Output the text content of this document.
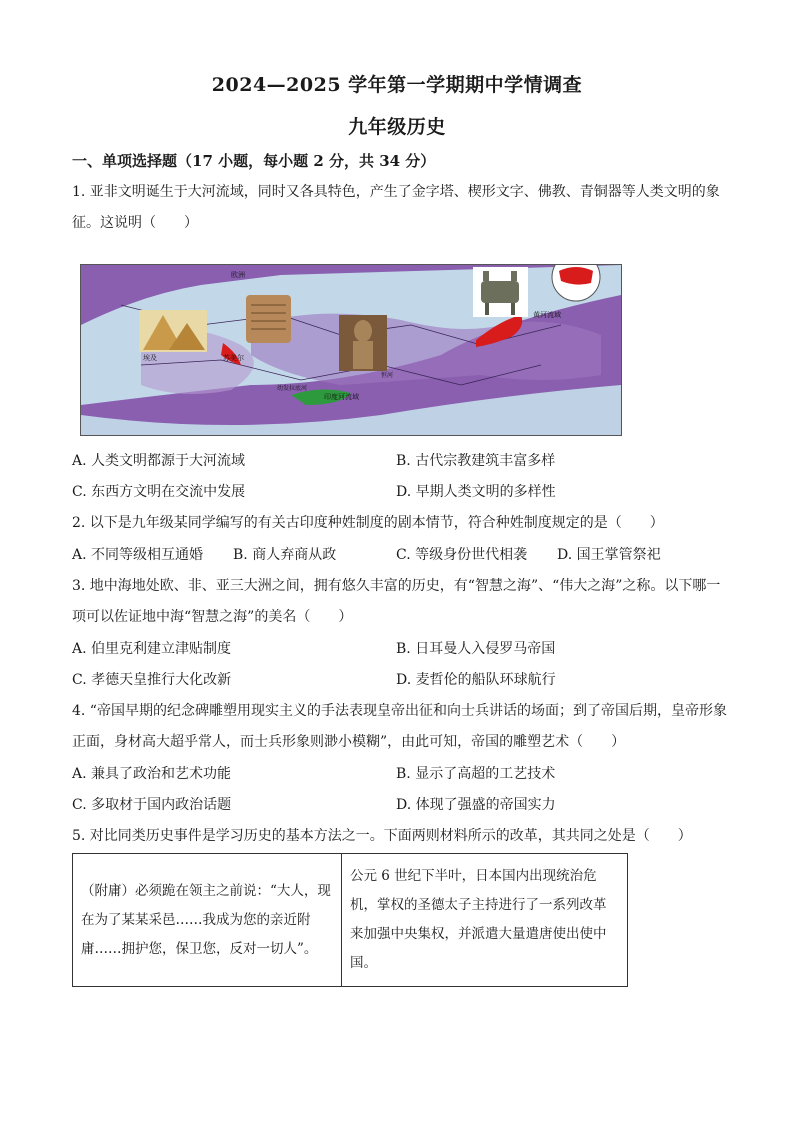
2024—2025 学年第一学期期中学情调查
九年级历史
一、单项选择题（17 小题，每小题 2 分，共 34 分）
1. 亚非文明诞生于大河流域，同时又各具特色，产生了金字塔、楔形文字、佛教、青铜器等人类文明的象征。这说明（　　）
埃及	苏美尔
印度河流域
黄河流域
欧洲
幼发拉底河
恒河
A. 人类文明都源于大河流域	B. 古代宗教建筑丰富多样
C. 东西方文明在交流中发展	D. 早期人类文明的多样性
2. 以下是九年级某同学编写的有关古印度种姓制度的剧本情节，符合种姓制度规定的是（　　）
A. 不同等级相互通婚 B. 商人弃商从政	C. 等级身份世代相袭 D. 国王掌管祭祀
3. 地中海地处欧、非、亚三大洲之间，拥有悠久丰富的历史，有“智慧之海”、“伟大之海”之称。以下哪一项可以佐证地中海“智慧之海”的美名（　　）
A. 伯里克利建立津贴制度	B. 日耳曼人入侵罗马帝国
C. 孝德天皇推行大化改新	D. 麦哲伦的船队环球航行
4. “帝国早期的纪念碑雕塑用现实主义的手法表现皇帝出征和向士兵讲话的场面；到了帝国后期，皇帝形象正面，身材高大超乎常人，而士兵形象则渺小模糊”，由此可知，帝国的雕塑艺术（　　）
A. 兼具了政治和艺术功能	B. 显示了高超的工艺技术
C. 多取材于国内政治话题	D. 体现了强盛的帝国实力
5. 对比同类历史事件是学习历史的基本方法之一。下面两则材料所示的改革，其共同之处是（　　）
（附庸）必须跪在领主之前说：“大人，现在为了某某采邑……我成为您的亲近附庸……拥护您，保卫您，反对一切人”。	公元 6 世纪下半叶，日本国内出现统治危机，掌权的圣德太子主持进行了一系列改革来加强中央集权，并派遣大量遣唐使出使中国。
